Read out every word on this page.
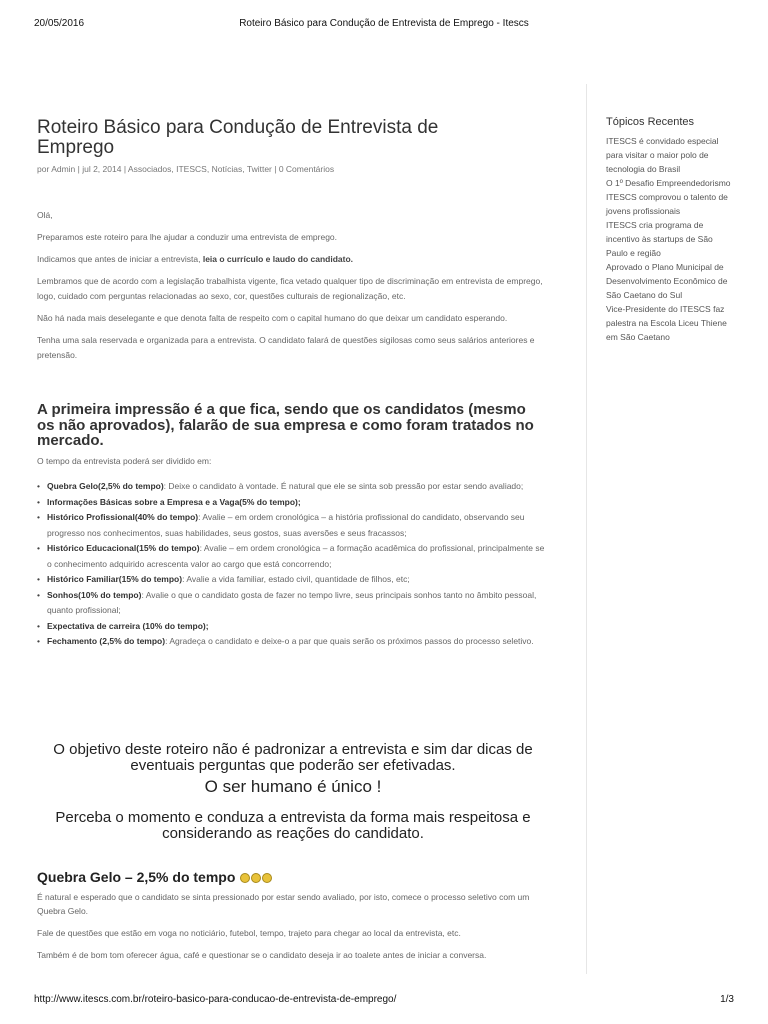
20/05/2016	Roteiro Básico para Condução de Entrevista de Emprego - Itescs
Roteiro Básico para Condução de Entrevista de
Emprego
por Admin | jul 2, 2014 | Associados, ITESCS, Notícias, Twitter | 0 Comentários

Olá,

Preparamos este roteiro para lhe ajudar a conduzir uma entrevista de emprego.

Indicamos que antes de iniciar a entrevista, leia o currículo e laudo do candidato.

Lembramos que de acordo com a legislação trabalhista vigente, fica vetado qualquer tipo de discriminação em entrevista de emprego, logo, cuidado com perguntas relacionadas ao sexo, cor, questões culturais de regionalização, etc.

Não há nada mais deselegante e que denota falta de respeito com o capital humano do que deixar um candidato esperando.

Tenha uma sala reservada e organizada para a entrevista. O candidato falará de questões sigilosas como seus salários anteriores e pretensão.

A primeira impressão é a que fica, sendo que os candidatos (mesmo os não aprovados), falarão de sua empresa e como foram tratados no mercado.
O tempo da entrevista poderá ser dividido em:
• Quebra Gelo(2,5% do tempo): Deixe o candidato à vontade. É natural que ele se sinta sob pressão por estar sendo avaliado;
• Informações Básicas sobre a Empresa e a Vaga(5% do tempo);
• Histórico Profissional(40% do tempo): Avalie – em ordem cronológica – a história profissional do candidato, observando seu progresso nos conhecimentos, suas habilidades, seus gostos, suas aversões e seus fracassos;
• Histórico Educacional(15% do tempo): Avalie – em ordem cronológica – a formação acadêmica do profissional, principalmente se o conhecimento adquirido acrescenta valor ao cargo que está concorrendo;
• Histórico Familiar(15% do tempo): Avalie a vida familiar, estado civil, quantidade de filhos, etc;
• Sonhos(10% do tempo): Avalie o que o candidato gosta de fazer no tempo livre, seus principais sonhos tanto no âmbito pessoal, quanto profissional;
• Expectativa de carreira (10% do tempo);
• Fechamento (2,5% do tempo): Agradeça o candidato e deixe-o a par que quais serão os próximos passos do processo seletivo.
O objetivo deste roteiro não é padronizar a entrevista e sim dar dicas de eventuais perguntas que poderão ser efetivadas.
O ser humano é único !
Perceba o momento e conduza a entrevista da forma mais respeitosa e considerando as reações do candidato.
Quebra Gelo – 2,5% do tempo

É natural e esperado que o candidato se sinta pressionado por estar sendo avaliado, por isto, comece o processo seletivo com um Quebra Gelo.

Fale de questões que estão em voga no noticiário, futebol, tempo, trajeto para chegar ao local da entrevista, etc.

Também é de bom tom oferecer água, café e questionar se o candidato deseja ir ao toalete antes de iniciar a conversa.

Tópicos Recentes
ITESCS é convidado especial para visitar o maior polo de tecnologia do Brasil
O 1º Desafio Empreendedorismo ITESCS comprovou o talento de jovens profissionais
ITESCS cria programa de incentivo às startups de São Paulo e região
Aprovado o Plano Municipal de Desenvolvimento Econômico de São Caetano do Sul
Vice-Presidente do ITESCS faz palestra na Escola Liceu Thiene em São Caetano
http://www.itescs.com.br/roteiro-basico-para-conducao-de-entrevista-de-emprego/	1/3
